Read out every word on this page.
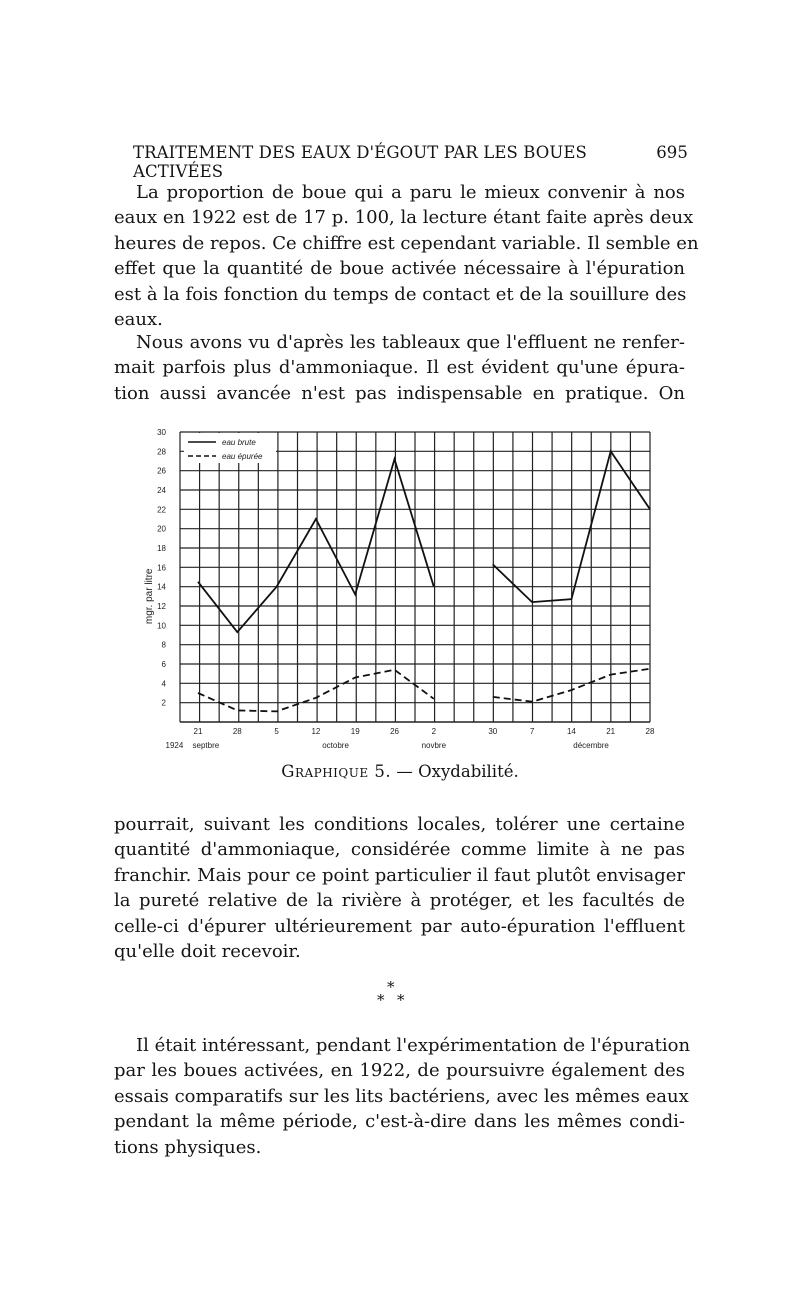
TRAITEMENT DES EAUX D'ÉGOUT PAR LES BOUES ACTIVÉES
695
La proportion de boue qui a paru le mieux convenir à nos
eaux en 1922 est de 17 p. 100, la lecture étant faite après deux
heures de repos. Ce chiffre est cependant variable. Il semble en
effet que la quantité de boue activée nécessaire à l'épuration
est à la fois fonction du temps de contact et de la souillure des
eaux.
Nous avons vu d'après les tableaux que l'effluent ne renfer-
mait parfois plus d'ammoniaque. Il est évident qu'une épura-
tion aussi avancée n'est pas indispensable en pratique. On
2
4
6
8
10
12
14
16
18
20
22
24
26
28
30
mgr. par litre
21	28	5	12	19	26	2	30	7	14	21	28
1924 septbre	octobre	novbre	décembre
eau brute
eau épurée
Graphique 5. — Oxydabilité.
pourrait, suivant les conditions locales, tolérer une certaine
quantité d'ammoniaque, considérée comme limite à ne pas
franchir. Mais pour ce point particulier il faut plutôt envisager
la pureté relative de la rivière à protéger, et les facultés de
celle-ci d'épurer ultérieurement par auto-épuration l'effluent
qu'elle doit recevoir.
*
* *
Il était intéressant, pendant l'expérimentation de l'épuration
par les boues activées, en 1922, de poursuivre également des
essais comparatifs sur les lits bactériens, avec les mêmes eaux
pendant la même période, c'est-à-dire dans les mêmes condi-
tions physiques.
